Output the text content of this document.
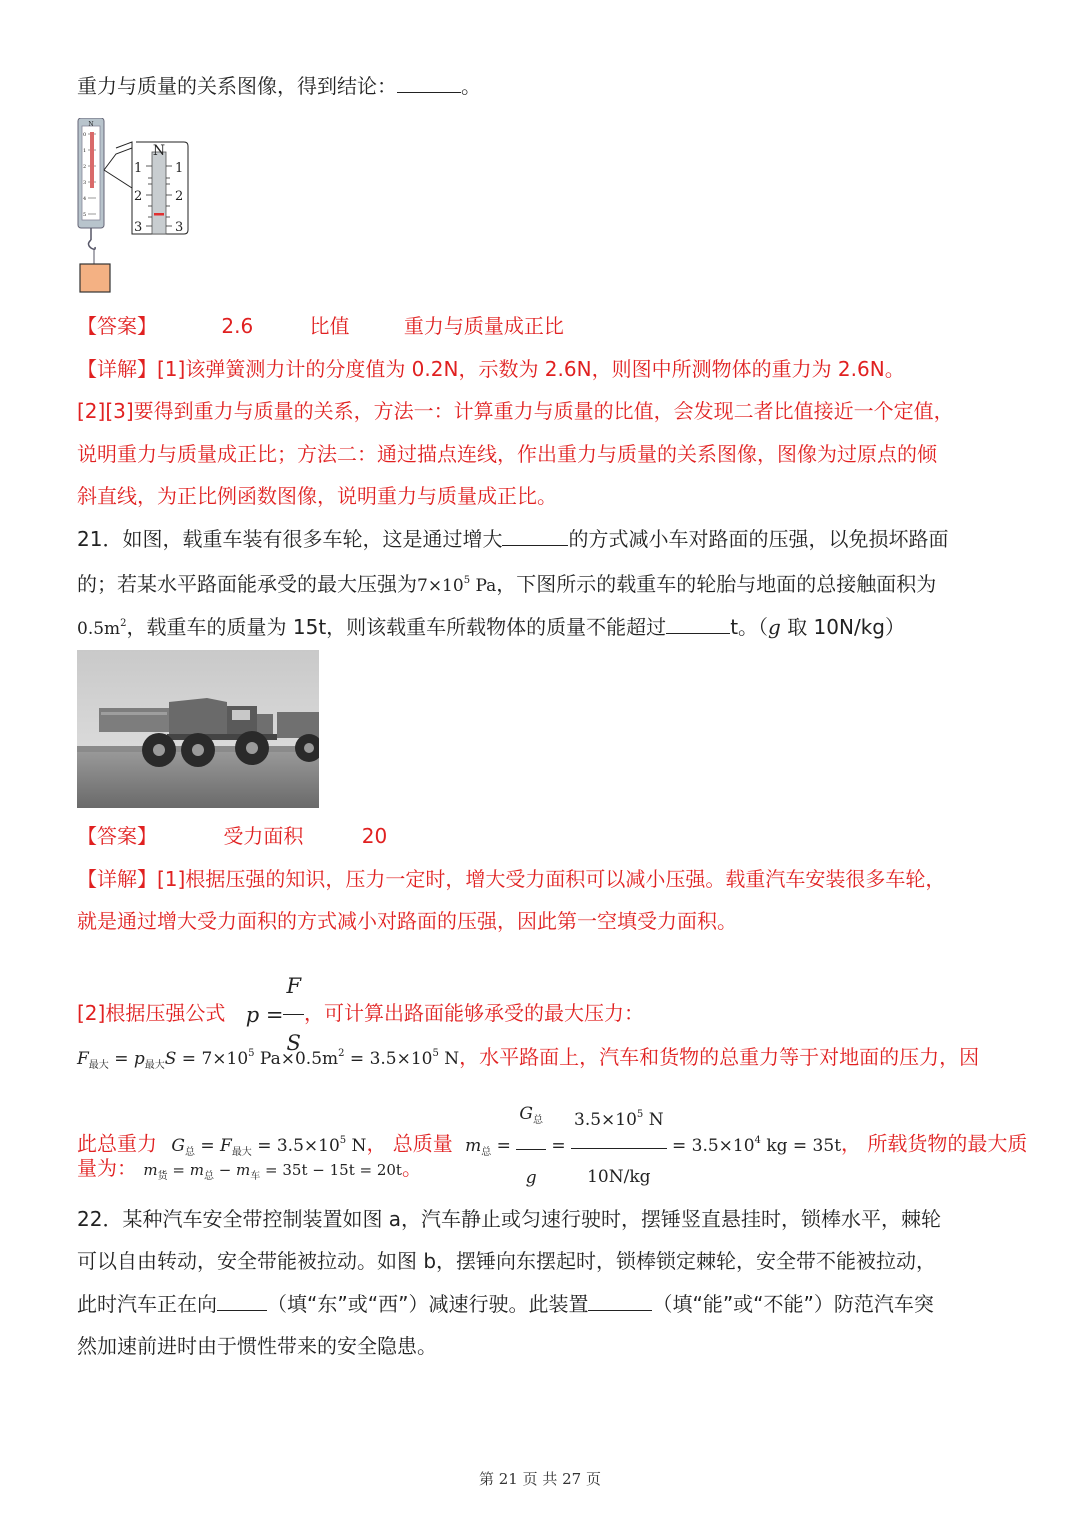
重力与质量的关系图像，得到结论：	。
N
0
1
2
3
4
5
N
1
2
3
1
2
3
【答案】	2.6	比值	重力与质量成正比
【详解】[1]该弹簧测力计的分度值为 0.2N，示数为 2.6N，则图中所测物体的重力为 2.6N。
[2][3]要得到重力与质量的关系，方法一：计算重力与质量的比值，会发现二者比值接近一个定值，
说明重力与质量成正比；方法二：通过描点连线，作出重力与质量的关系图像，图像为过原点的倾
斜直线，为正比例函数图像，说明重力与质量成正比。
21．如图，载重车装有很多车轮，这是通过增大	的方式减小车对路面的压强，以免损坏路面
的；若某水平路面能承受的最大压强为$7\times 10^5$ Pa，下图所示的载重车的轮胎与地面的总接触面积为
$0.5m^2$，载重车的质量为 15t，则该载重车所载物体的质量不能超过	t。（g 取 10N/kg）
【答案】	受力面积	20
【详解】[1]根据压强的知识，压力一定时，增大受力面积可以减小压强。载重汽车安装很多车轮，
就是通过增大受力面积的方式减小对路面的压强，因此第一空填受力面积。
[2]根据压强公式 $p = \frac{F}{S}$ ，可计算出路面能够承受的最大压力：
$F_{最大} = p_{最大}S = 7\times 10^5$ $Pa\times 0.5m^2 = 3.5\times 10^5$ N，水平路面上，汽车和货物的总重力等于对地面的压力，因
此总重力 $G_总 = F_{最大} = 3.5\times 10^5$ N， 总质量 $m_总 = \frac{G_总}{g} = \frac{3.5\times 10^5 N}{10N/kg} = 3.5\times 10^4$ kg = 35t， 所载货物的最大质
量为： $m_货 = m_总 - m_车 = 35t - 15t = 20t$。
22．某种汽车安全带控制装置如图 a，汽车静止或匀速行驶时，摆锤竖直悬挂时，锁棒水平，棘轮
可以自由转动，安全带能被拉动。如图 b，摆锤向东摆起时，锁棒锁定棘轮，安全带不能被拉动，
此时汽车正在向	（填“东”或“西”）减速行驶。此装置	（填“能”或“不能”）防范汽车突
然加速前进时由于惯性带来的安全隐患。
第 21 页 共 27 页
